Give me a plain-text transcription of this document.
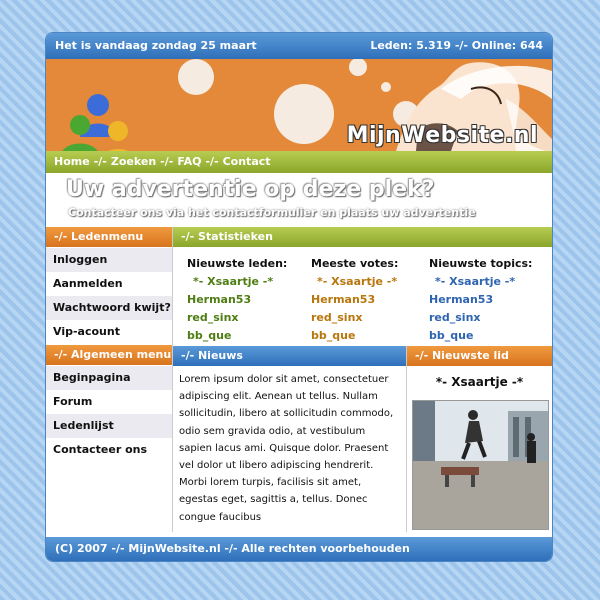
Het is vandaag zondag 25 maart	Leden: 5.319 -/- Online: 644
MijnWebsite.nl
Home -/- Zoeken -/- FAQ -/- Contact
Uw advertentie op deze plek?
Contacteer ons via het contactformulier en plaats uw advertentie
-/- Ledenmenu
Inloggen
Aanmelden
Wachtwoord kwijt?
Vip-acount
-/- Algemeen menu
Beginpagina
Forum
Ledenlijst
Contacteer ons
-/- Statistieken
Nieuwste leden:
*- Xsaartje -*
Herman53
red_sinx
bb_que
Meeste votes:
*- Xsaartje -*
Herman53
red_sinx
bb_que
Nieuwste topics:
*- Xsaartje -*
Herman53
red_sinx
bb_que
-/- Nieuws
Lorem ipsum dolor sit amet, consectetuer adipiscing elit. Aenean ut tellus. Nullam sollicitudin, libero at sollicitudin commodo, odio sem gravida odio, at vestibulum sapien lacus ami. Quisque dolor. Praesent vel dolor ut libero adipiscing hendrerit. Morbi lorem turpis, facilisis sit amet, egestas eget, sagittis a, tellus. Donec congue faucibus
-/- Nieuwste lid
*- Xsaartje -*
(C) 2007 -/- MijnWebsite.nl -/- Alle rechten voorbehouden
